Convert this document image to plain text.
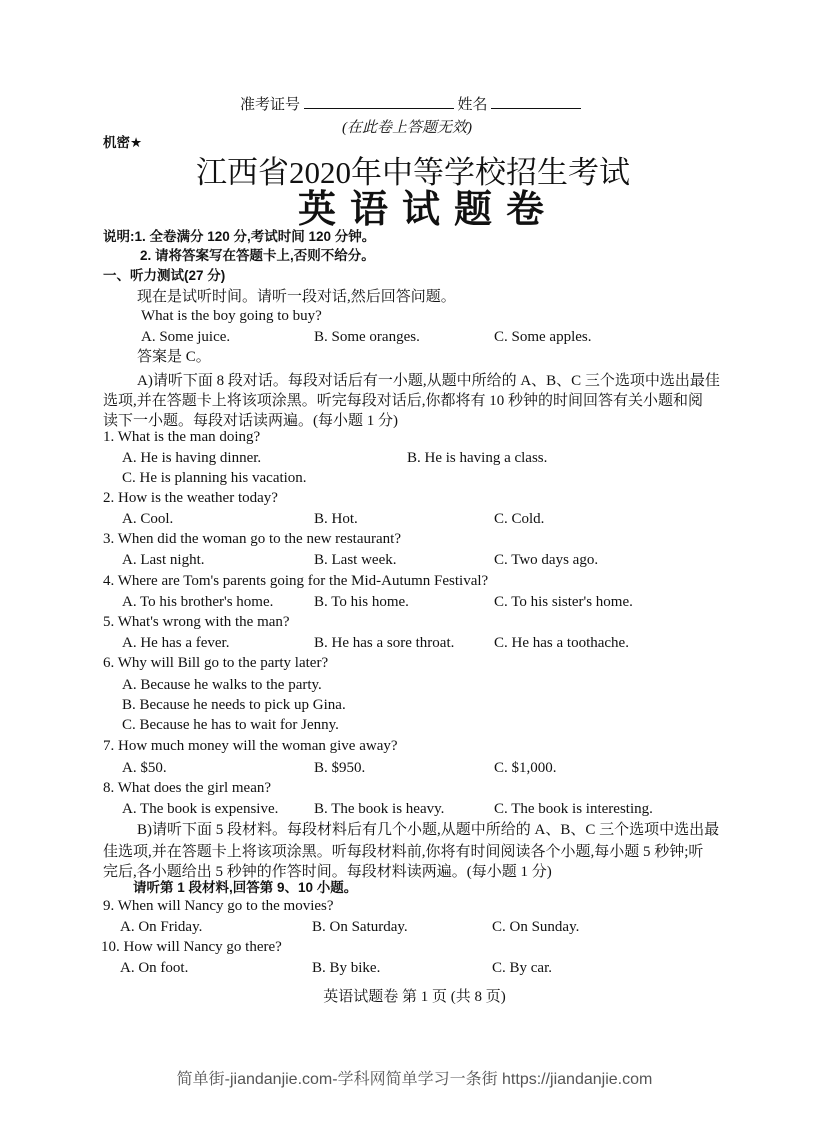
准考证号	姓名
(在此卷上答题无效)
机密★
江西省2020年中等学校招生考试
英语试题卷
说明:1. 全卷满分 120 分,考试时间 120 分钟。
2. 请将答案写在答题卡上,否则不给分。
一、听力测试(27 分)
现在是试听时间。请听一段对话,然后回答问题。
What is the boy going to buy?
A. Some juice.	B. Some oranges.	C. Some apples.
答案是 C。
A)请听下面 8 段对话。每段对话后有一小题,从题中所给的 A、B、C 三个选项中选出最佳
选项,并在答题卡上将该项涂黑。听完每段对话后,你都将有 10 秒钟的时间回答有关小题和阅
读下一小题。每段对话读两遍。(每小题 1 分)
1. What is the man doing?
A. He is having dinner.	B. He is having a class.
C. He is planning his vacation.
2. How is the weather today?
A. Cool.	B. Hot.	C. Cold.
3. When did the woman go to the new restaurant?
A. Last night.	B. Last week.	C. Two days ago.
4. Where are Tom's parents going for the Mid-Autumn Festival?
A. To his brother's home.	B. To his home.	C. To his sister's home.
5. What's wrong with the man?
A. He has a fever.	B. He has a sore throat.	C. He has a toothache.
6. Why will Bill go to the party later?
A. Because he walks to the party.
B. Because he needs to pick up Gina.
C. Because he has to wait for Jenny.
7. How much money will the woman give away?
A. $50.	B. $950.	C. $1,000.
8. What does the girl mean?
A. The book is expensive. B. The book is heavy.	C. The book is interesting.
B)请听下面 5 段材料。每段材料后有几个小题,从题中所给的 A、B、C 三个选项中选出最
佳选项,并在答题卡上将该项涂黑。听每段材料前,你将有时间阅读各个小题,每小题 5 秒钟;听
完后,各小题给出 5 秒钟的作答时间。每段材料读两遍。(每小题 1 分)
请听第 1 段材料,回答第 9、10 小题。
9. When will Nancy go to the movies?
A. On Friday.	B. On Saturday.	C. On Sunday.
10. How will Nancy go there?
A. On foot.	B. By bike.	C. By car.
英语试题卷 第 1 页 (共 8 页)
简单街-jiandanjie.com-学科网简单学习一条街 https://jiandanjie.com
